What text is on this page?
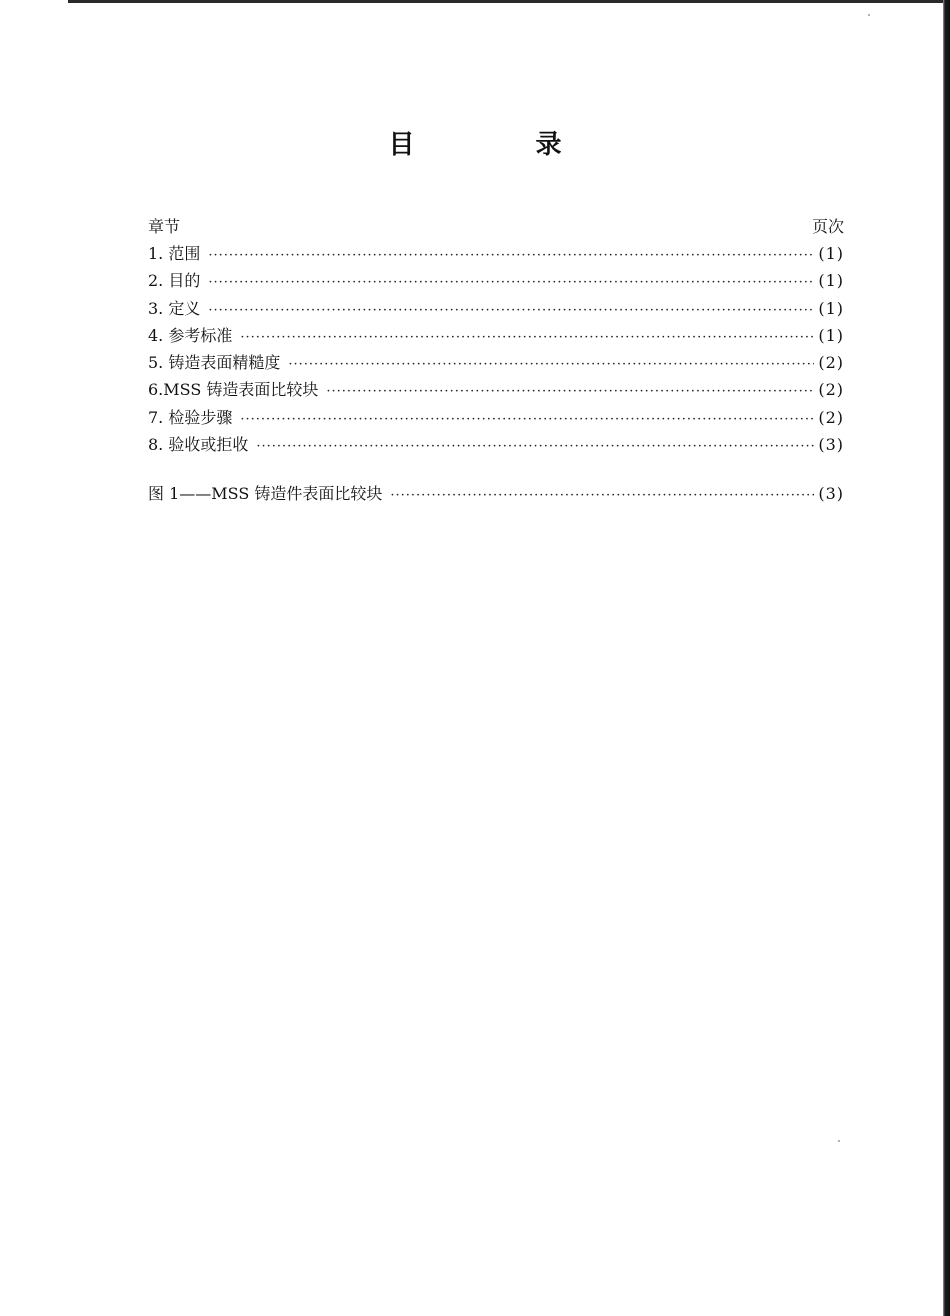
目 录
章节	页次
1. 范围 ·····	(1)
2. 目的 ·····	(1)
3. 定义 ·····	(1)
4. 参考标准 ·····	(1)
5. 铸造表面精糙度 ·····	(2)
6.MSS 铸造表面比较块 ·····	(2)
7. 检验步骤 ·····	(2)
8. 验收或拒收 ·····	(3)
图 1——MSS 铸造件表面比较块 ·····	(3)
